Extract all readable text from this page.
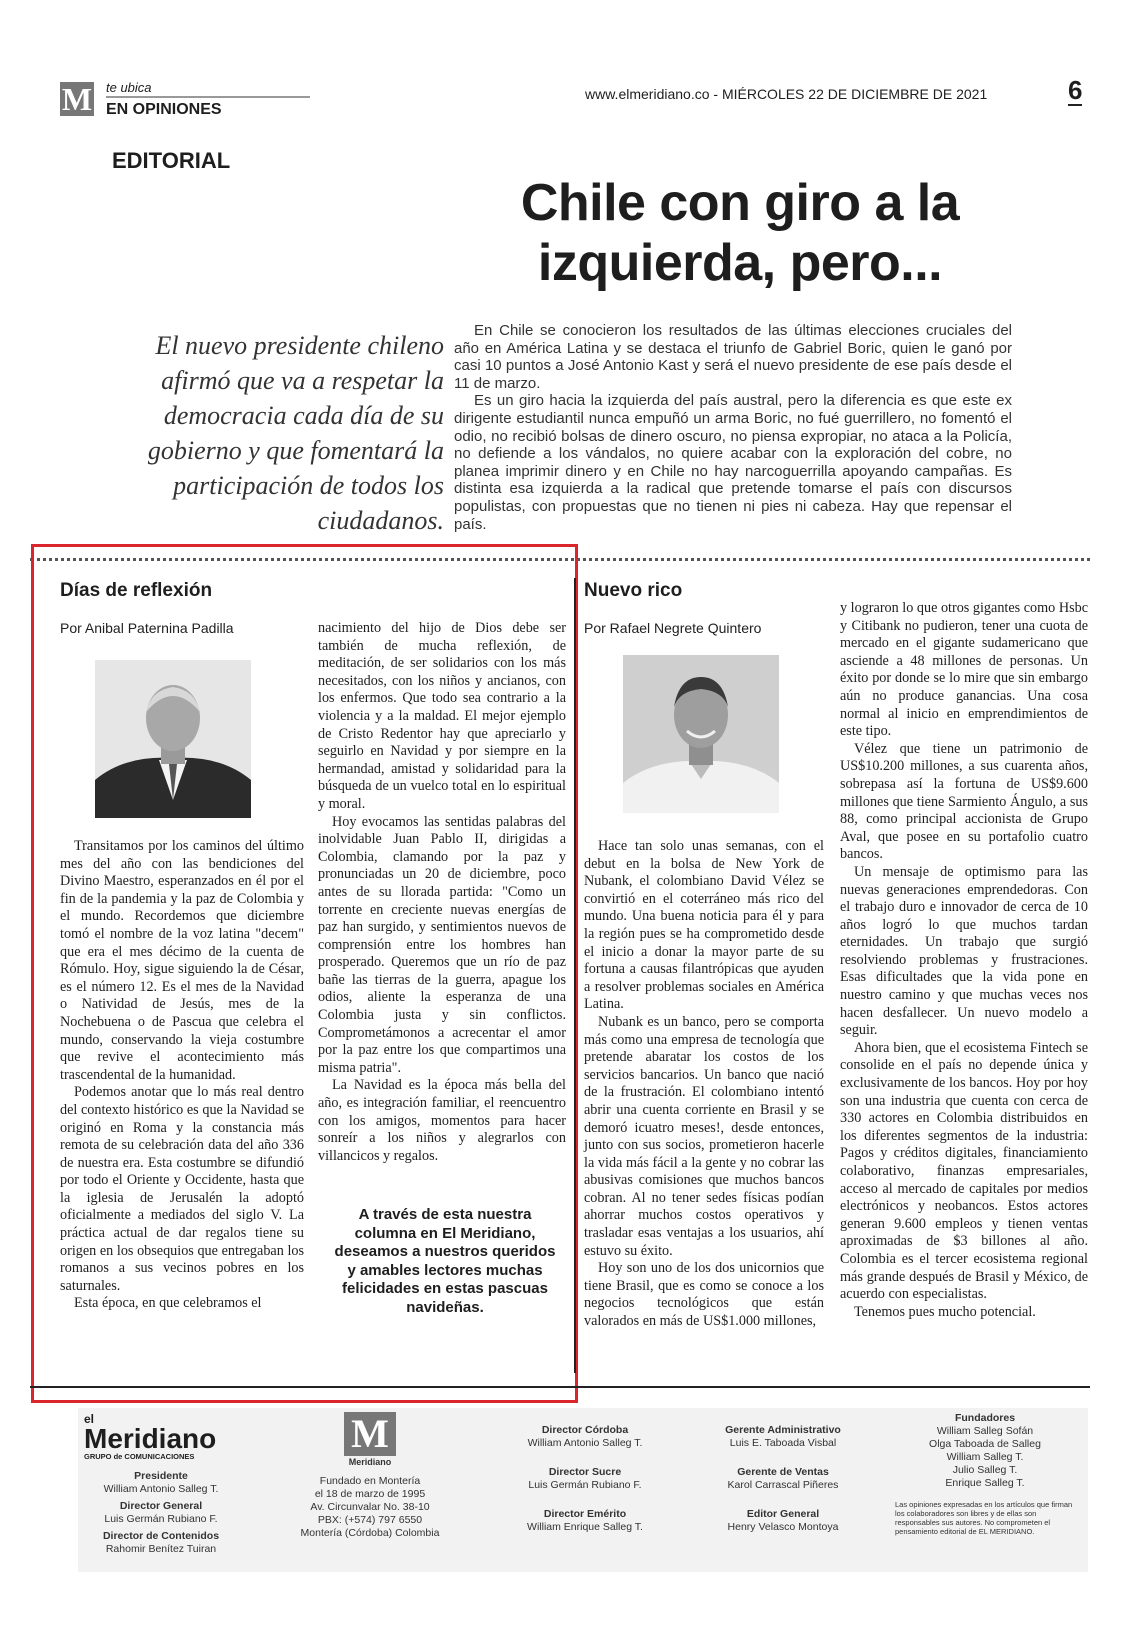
M te ubica
EN OPINIONES
www.elmeridiano.co - MIÉRCOLES 22 DE DICIEMBRE DE 2021	6
EDITORIAL
Chile con giro a la izquierda, pero...
El nuevo presidente chileno afirmó que va a respetar la democracia cada día de su gobierno y que fomentará la participación de todos los ciudadanos.

En Chile se conocieron los resultados de las últimas elecciones cruciales del año en América Latina y se destaca el triunfo de Gabriel Boric, quien le ganó por casi 10 puntos a José Antonio Kast y será el nuevo presidente de ese país desde el 11 de marzo.

Es un giro hacia la izquierda del país austral, pero la diferencia es que este ex dirigente estudiantil nunca empuñó un arma Boric, no fué guerrillero, no fomentó el odio, no recibió bolsas de dinero oscuro, no piensa expropiar, no ataca a la Policía, no defiende a los vándalos, no quiere acabar con la exploración del cobre, no planea imprimir dinero y en Chile no hay narcoguerrilla apoyando campañas. Es distinta esa izquierda a la radical que pretende tomarse el país con discursos populistas, con propuestas que no tienen ni pies ni cabeza. Hay que repensar el país.

Días de reflexión
Por Anibal Paternina Padilla

Transitamos por los caminos del último mes del año con las bendiciones del Divino Maestro, esperanzados en él por el fin de la pandemia y la paz de Colombia y el mundo. Recordemos que diciembre tomó el nombre de la voz latina "decem" que era el mes décimo de la cuenta de Rómulo. Hoy, sigue siguiendo la de César, es el número 12. Es el mes de la Navidad o Natividad de Jesús, mes de la Nochebuena o de Pascua que celebra el mundo, conservando la vieja costumbre que revive el acontecimiento más trascendental de la humanidad.

Podemos anotar que lo más real dentro del contexto histórico es que la Navidad se originó en Roma y la constancia más remota de su celebración data del año 336 de nuestra era. Esta costumbre se difundió por todo el Oriente y Occidente, hasta que la iglesia de Jerusalén la adoptó oficialmente a mediados del siglo V. La práctica actual de dar regalos tiene su origen en los obsequios que entregaban los romanos a sus vecinos pobres en los saturnales.

Esta época, en que celebramos el

nacimiento del hijo de Dios debe ser también de mucha reflexión, de meditación, de ser solidarios con los más necesitados, con los niños y ancianos, con los enfermos. Que todo sea contrario a la violencia y a la maldad. El mejor ejemplo de Cristo Redentor hay que apreciarlo y seguirlo en Navidad y por siempre en la hermandad, amistad y solidaridad para la búsqueda de un vuelco total en lo espiritual y moral.

Hoy evocamos las sentidas palabras del inolvidable Juan Pablo II, dirigidas a Colombia, clamando por la paz y pronunciadas un 20 de diciembre, poco antes de su llorada partida: "Como un torrente en creciente nuevas energías de paz han surgido, y sentimientos nuevos de comprensión entre los hombres han prosperado. Queremos que un río de paz bañe las tierras de la guerra, apague los odios, aliente la esperanza de una Colombia justa y sin conflictos. Comprometámonos a acrecentar el amor por la paz entre los que compartimos una misma patria".

La Navidad es la época más bella del año, es integración familiar, el reencuentro con los amigos, momentos para hacer sonreír a los niños y alegrarlos con villancicos y regalos.

A través de esta nuestra columna en El Meridiano, deseamos a nuestros queridos y amables lectores muchas felicidades en estas pascuas navideñas.
Nuevo rico
Por Rafael Negrete Quintero

Hace tan solo unas semanas, con el debut en la bolsa de New York de Nubank, el colombiano David Vélez se convirtió en el coterráneo más rico del mundo. Una buena noticia para él y para la región pues se ha comprometido desde el inicio a donar la mayor parte de su fortuna a causas filantrópicas que ayuden a resolver problemas sociales en América Latina.

Nubank es un banco, pero se comporta más como una empresa de tecnología que pretende abaratar los costos de los servicios bancarios. Un banco que nació de la frustración. El colombiano intentó abrir una cuenta corriente en Brasil y se demoró icuatro meses!, desde entonces, junto con sus socios, prometieron hacerle la vida más fácil a la gente y no cobrar las abusivas comisiones que muchos bancos cobran. Al no tener sedes físicas podían ahorrar muchos costos operativos y trasladar esas ventajas a los usuarios, ahí estuvo su éxito.

Hoy son uno de los dos unicornios que tiene Brasil, que es como se conoce a los negocios tecnológicos que están valorados en más de US$1.000 millones,

y lograron lo que otros gigantes como Hsbc y Citibank no pudieron, tener una cuota de mercado en el gigante sudamericano que asciende a 48 millones de personas. Un éxito por donde se lo mire que sin embargo aún no produce ganancias. Una cosa normal al inicio en emprendimientos de este tipo.

Vélez que tiene un patrimonio de US$10.200 millones, a sus cuarenta años, sobrepasa así la fortuna de US$9.600 millones que tiene Sarmiento Ángulo, a sus 88, como principal accionista de Grupo Aval, que posee en su portafolio cuatro bancos.

Un mensaje de optimismo para las nuevas generaciones emprendedoras. Con el trabajo duro e innovador de cerca de 10 años logró lo que muchos tardan eternidades. Un trabajo que surgió resolviendo problemas y frustraciones. Esas dificultades que la vida pone en nuestro camino y que muchas veces nos hacen desfallecer. Un nuevo modelo a seguir.

Ahora bien, que el ecosistema Fintech se consolide en el país no depende única y exclusivamente de los bancos. Hoy por hoy son una industria que cuenta con cerca de 330 actores en Colombia distribuidos en los diferentes segmentos de la industria: Pagos y créditos digitales, financiamiento colaborativo, finanzas empresariales, acceso al mercado de capitales por medios electrónicos y neobancos. Estos actores generan 9.600 empleos y tienen ventas aproximadas de $3 billones al año. Colombia es el tercer ecosistema regional más grande después de Brasil y México, de acuerdo con especialistas.

Tenemos pues mucho potencial.

el
Meridiano
GRUPO de COMUNICACIONES
Presidente
William Antonio Salleg T.
Director General
Luis Germán Rubiano F.
Director de Contenidos
Rahomir Benítez Tuiran
M
Meridiano
Fundado en Montería
el 18 de marzo de 1995
Av. Circunvalar No. 38-10
PBX: (+574) 797 6550
Montería (Córdoba) Colombia
Director Córdoba
William Antonio Salleg T.
Director Sucre
Luis Germán Rubiano F.
Director Emérito
William Enrique Salleg T.
Gerente Administrativo
Luis E. Taboada Visbal
Gerente de Ventas
Karol Carrascal Piñeres
Editor General
Henry Velasco Montoya
Fundadores
William Salleg Sofán
Olga Taboada de Salleg
William Salleg T.
Julio Salleg T.
Enrique Salleg T.
Las opiniones expresadas en los artículos que firman los colaboradores son libres y de ellas son responsables sus autores. No comprometen el pensamiento editorial de EL MERIDIANO.
